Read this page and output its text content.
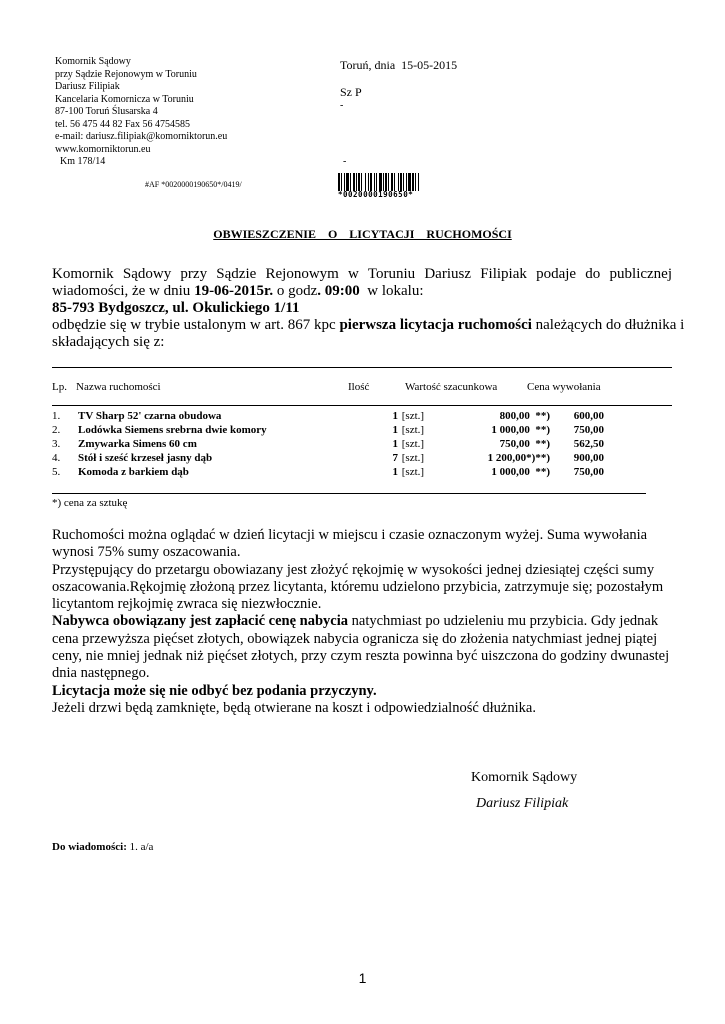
Komornik Sądowy
przy Sądzie Rejonowym w Toruniu
Dariusz Filipiak
Kancelaria Komornicza w Toruniu
87-100 Toruń Ślusarska 4
tel. 56 475 44 82 Fax 56 4754585
e-mail: dariusz.filipiak@komorniktorun.eu
www.komorniktorun.eu
Km 178/14
Toruń, dnia  15-05-2015
Sz P
-
-
#AF *0020000190650*/0419/
*0020000190650*
OBWIESZCZENIE  O  LICYTACJI  RUCHOMOŚCI
Komornik Sądowy przy Sądzie Rejonowym w Toruniu Dariusz Filipiak podaje do publicznej
wiadomości, że w dniu 19-06-2015r. o godz. 09:00  w lokalu:
85-793 Bydgoszcz, ul. Okulickiego 1/11
odbędzie się w trybie ustalonym w art. 867 kpc pierwsza licytacja ruchomości należących do dłużnika i
składających się z:
Lp. Nazwa ruchomości	Ilość	Wartość szacunkowa	Cena wywołania
1. TV Sharp 52' czarna obudowa	1 [szt.]	800,00  **)	600,00
2. Lodówka Siemens srebrna dwie komory	1 [szt.]	1 000,00  **)	750,00
3. Zmywarka Simens 60 cm	1 [szt.]	750,00  **)	562,50
4. Stół i sześć krzeseł jasny dąb	7 [szt.]	1 200,00*)**)	900,00
5. Komoda z barkiem dąb	1 [szt.]	1 000,00  **)	750,00
*) cena za sztukę

Ruchomości można oglądać w dzień licytacji w miejscu i czasie oznaczonym wyżej. Suma wywołania wynosi 75% sumy oszacowania.

Przystępujący do przetargu obowiazany jest złożyć rękojmię w wysokości jednej dziesiątej części sumy oszacowania.Rękojmię złożoną przez licytanta, któremu udzielono przybicia, zatrzymuje się; pozostałym licytantom rejkojmię zwraca się niezwłocznie.

Nabywca obowiązany jest zapłacić cenę nabycia natychmiast po udzieleniu mu przybicia. Gdy jednak cena przewyższa pięćset złotych, obowiązek nabycia ogranicza się do złożenia natychmiast jednej piątej ceny, nie mniej jednak niż pięćset złotych, przy czym reszta powinna być uiszczona do godziny dwunastej dnia następnego.

Licytacja może się nie odbyć bez podania przyczyny.

Jeżeli drzwi będą zamknięte, będą otwierane na koszt i odpowiedzialność dłużnika.

Komornik Sądowy
Dariusz Filipiak
Do wiadomości: 1. a/a
1
